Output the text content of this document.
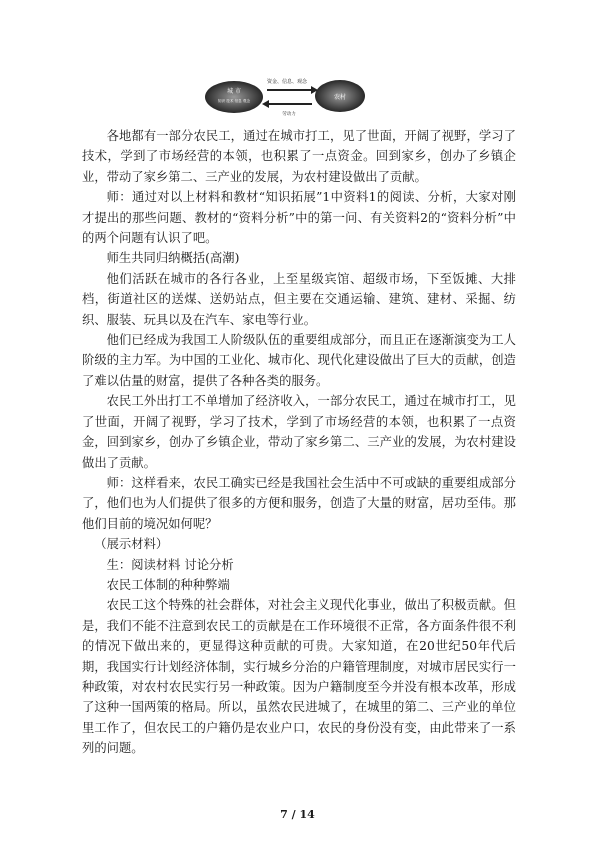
城 市
知识 技术 信息 观念	农村
资金、信息、观念
劳动力

各地都有一部分农民工，通过在城市打工，见了世面，开阔了视野，学习了技术，学到了市场经营的本领，也积累了一点资金。回到家乡，创办了乡镇企业，带动了家乡第二、三产业的发展，为农村建设做出了贡献。

师：通过对以上材料和教材“知识拓展”1中资料1的阅读、分析，大家对刚才提出的那些问题、教材的“资料分析”中的第一问、有关资料2的“资料分析”中的两个问题有认识了吧。

师生共同归纳概括(高潮)

他们活跃在城市的各行各业，上至星级宾馆、超级市场，下至饭摊、大排档，街道社区的送煤、送奶站点，但主要在交通运输、建筑、建材、采掘、纺织、服装、玩具以及在汽车、家电等行业。

他们已经成为我国工人阶级队伍的重要组成部分，而且正在逐渐演变为工人阶级的主力军。为中国的工业化、城市化、现代化建设做出了巨大的贡献，创造了难以估量的财富，提供了各种各类的服务。

农民工外出打工不单增加了经济收入，一部分农民工，通过在城市打工，见了世面，开阔了视野，学习了技术，学到了市场经营的本领，也积累了一点资金，回到家乡，创办了乡镇企业，带动了家乡第二、三产业的发展，为农村建设做出了贡献。

师：这样看来，农民工确实已经是我国社会生活中不可或缺的重要组成部分了，他们也为人们提供了很多的方便和服务，创造了大量的财富，居功至伟。那他们目前的境况如何呢？

（展示材料）

生：阅读材料 讨论分析

农民工体制的种种弊端

农民工这个特殊的社会群体，对社会主义现代化事业，做出了积极贡献。但是，我们不能不注意到农民工的贡献是在工作环境很不正常，各方面条件很不利的情况下做出来的，更显得这种贡献的可贵。大家知道，在20世纪50年代后期，我国实行计划经济体制，实行城乡分治的户籍管理制度，对城市居民实行一种政策，对农村农民实行另一种政策。因为户籍制度至今并没有根本改革，形成了这种一国两策的格局。所以，虽然农民进城了，在城里的第二、三产业的单位里工作了，但农民工的户籍仍是农业户口，农民的身份没有变，由此带来了一系列的问题。

7 / 14
